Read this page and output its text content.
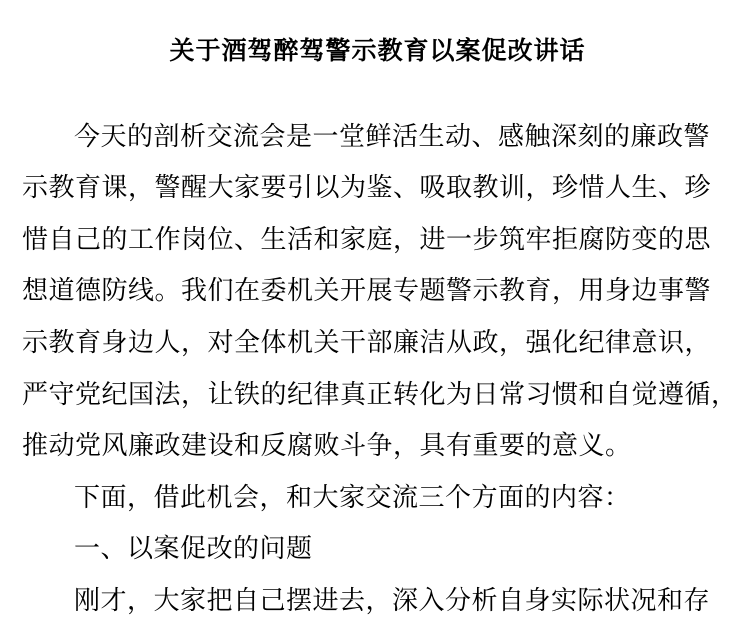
关于酒驾醉驾警示教育以案促改讲话
今天的剖析交流会是一堂鲜活生动、感触深刻的廉政警
示教育课，警醒大家要引以为鉴、吸取教训，珍惜人生、珍
惜自己的工作岗位、生活和家庭，进一步筑牢拒腐防变的思
想道德防线。我们在委机关开展专题警示教育，用身边事警
示教育身边人，对全体机关干部廉洁从政，强化纪律意识，
严守党纪国法，让铁的纪律真正转化为日常习惯和自觉遵循，
推动党风廉政建设和反腐败斗争，具有重要的意义。
下面，借此机会，和大家交流三个方面的内容：
一、以案促改的问题
刚才，大家把自己摆进去，深入分析自身实际状况和存
